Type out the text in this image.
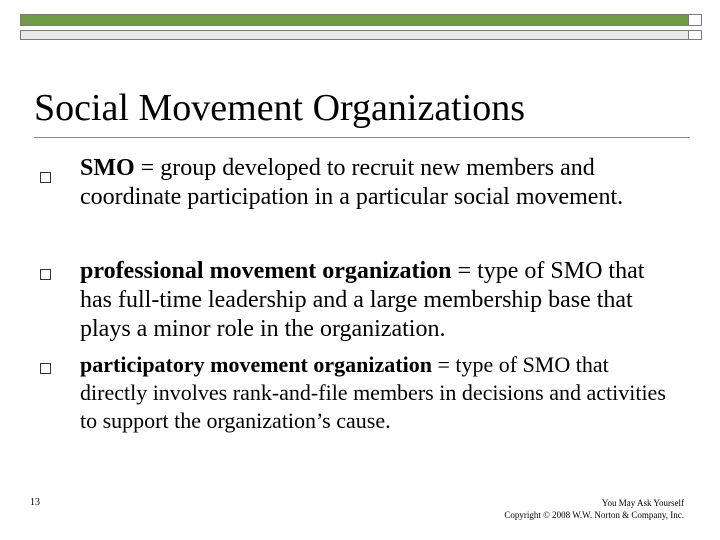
Social Movement Organizations
SMO = group developed to recruit new members and coordinate participation in a particular social movement.
professional movement organization = type of SMO that has full-time leadership and a large membership base that plays a minor role in the organization.
participatory movement organization = type of SMO that directly involves rank-and-file members in decisions and activities to support the organization’s cause.
13	You May Ask Yourself
Copyright © 2008 W.W. Norton & Company, Inc.
